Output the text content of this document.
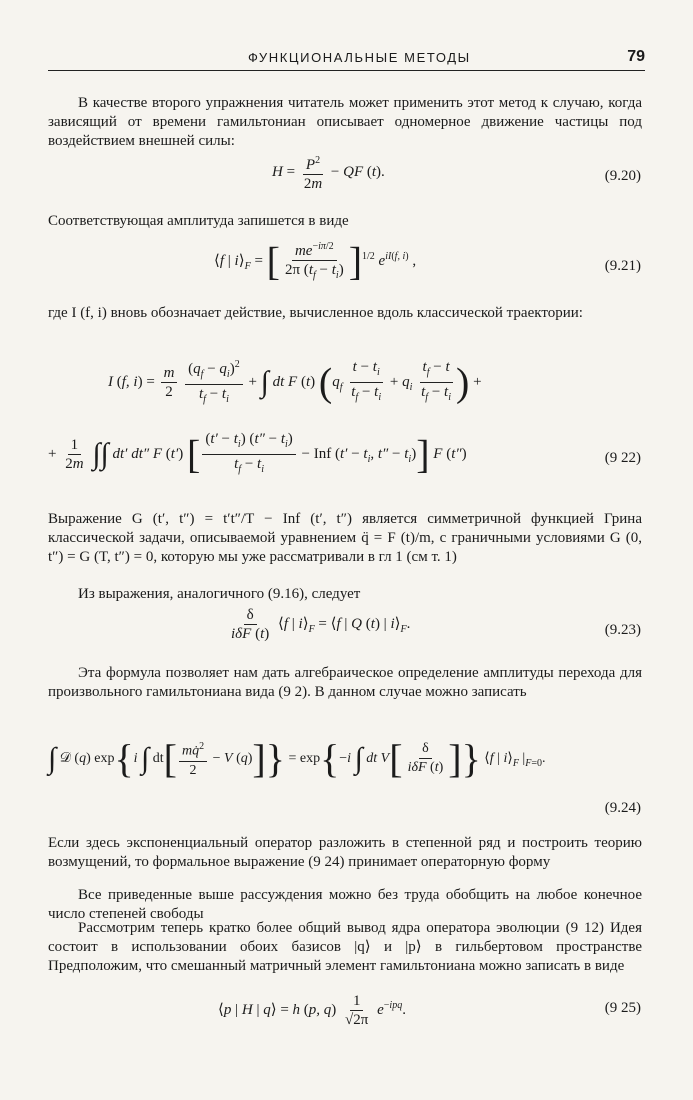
ФУНКЦИОНАЛЬНЫЕ МЕТОДЫ	79

В качестве второго упражнения читатель может применить этот метод к случаю, когда зависящий от времени гамильтониан описывает одномерное движение частицы под воздействием внешней силы:

$H = \frac{P^2}{2m}$ − QF (t).	(9.20)

Соответствующая амплитуда запишется в виде

⟨f | $i⟩_F$ = [ $\frac{me^{-i\pi/2}}{2\pi (t_f - t_i)} ]^{1/2}$ $e^{iI(f, i)}$ ,	(9.21)

где I (f, i) вновь обозначает действие, вычисленное вдоль классической траектории:

I (f, $i) = \frac{m}{2}$
$\frac{(q_f - q_i)^2}{t_f - t_i}$ + ∫ dt F (t) ($q_f \frac{t - t_i}{t_f - t_i} + q_i \frac{t_f - t}{t_f - t_i}$ ) +
+ $\frac{1}{2m}$ ∫∫ dt′ dt″ F (t′) [ $\frac{(t' - t_i) (t'' - t_i)}{t_f - t_i}$ − Inf ($t' - t_i$, $t'' - t_i$)] F (t″)	(9 22)

Выражение G (t′, t″) = t′t″/T − Inf (t′, t″) является симметричной функцией Грина классической задачи, описываемой уравнением q̈ = F (t)/m, с граничными условиями G (0, t″) = G (T, t″) = 0, которую мы уже рассматривали в гл 1 (см т. 1)

Из выражения, аналогичного (9.16), следует

$\frac{\delta}{\text{iδF (t)}}$ ⟨f | $i⟩_F$ = ⟨f | Q (t) | $i⟩_F$.	(9.23)

Эта формула позволяет нам дать алгебраическое определение амплитуды перехода для произвольного гамильтониана вида (9 2). В данном случае можно записать

∫ 𝒟 (q) exp{i ∫ $dt[ \frac{mq̇^2}{2} - V$ (q)]} = exp{−i ∫ dt $V[ \frac{\delta}{\text{iδF (t)}}$ ]} ⟨f | $i⟩_F$ $|_{F=0}$.
(9.24)

Если здесь экспоненциальный оператор разложить в степенной ряд и построить теорию возмущений, то формальное выражение (9 24) принимает операторную форму

Все приведенные выше рассуждения можно без труда обобщить на любое конечное число степеней свободы

Рассмотрим теперь кратко более общий вывод ядра оператора эволюции (9 12) Идея состоит в использовании обоих базисов |q⟩ и |p⟩ в гильбертовом пространстве Предположим, что смешанный матричный элемент гамильтониана можно записать в виде

⟨p | H | q⟩ = h (p, $q) \frac{1}{√2\pi} e^{-ipq}$.	(9 25)
